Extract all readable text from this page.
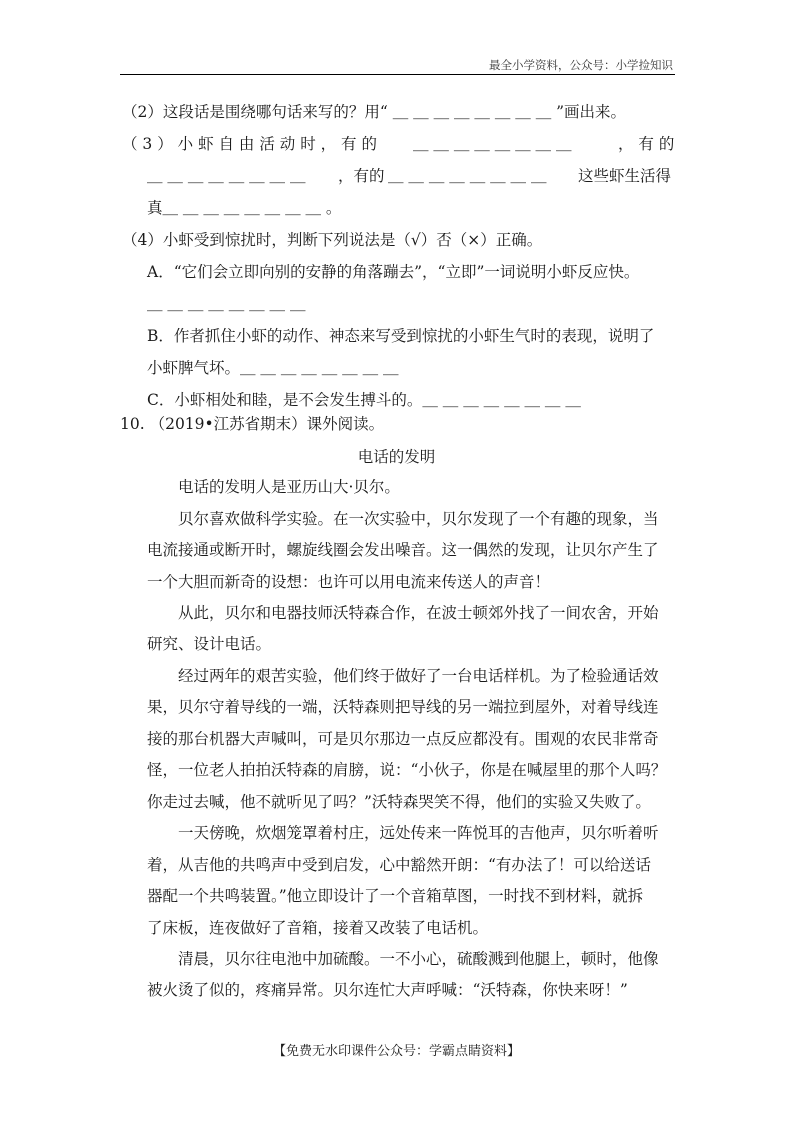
最全小学资料，公众号：小学捡知识
（2）这段话是围绕哪句话来写的？用“ ＿ ＿ ＿ ＿ ＿ ＿ ＿ ＿ ”画出来。
（ 3 ） 小 虾 自 由 活 动 时 ， 有 的 ＿ ＿ ＿ ＿ ＿ ＿ ＿ ＿	， 有 的
＿ ＿ ＿ ＿ ＿ ＿ ＿ ＿ ，有的 ＿ ＿ ＿ ＿ ＿ ＿ ＿ ＿ 这些虾生活得
真＿ ＿ ＿ ＿ ＿ ＿ ＿ ＿ 。
（4）小虾受到惊扰时，判断下列说法是（√）否（×）正确。
A．“它们会立即向别的安静的角落蹦去”，“立即”一词说明小虾反应快。
＿ ＿ ＿ ＿ ＿ ＿ ＿ ＿
B．作者抓住小虾的动作、神态来写受到惊扰的小虾生气时的表现，说明了
小虾脾气坏。＿ ＿ ＿ ＿ ＿ ＿ ＿ ＿
C．小虾相处和睦，是不会发生搏斗的。＿ ＿ ＿ ＿ ＿ ＿ ＿ ＿
10. （2019•江苏省期末）课外阅读。
电话的发明
电话的发明人是亚历山大·贝尔。
贝尔喜欢做科学实验。在一次实验中，贝尔发现了一个有趣的现象，当
电流接通或断开时，螺旋线圈会发出噪音。这一偶然的发现，让贝尔产生了
一个大胆而新奇的设想：也许可以用电流来传送人的声音！
从此，贝尔和电器技师沃特森合作，在波士顿郊外找了一间农舍，开始
研究、设计电话。
经过两年的艰苦实验，他们终于做好了一台电话样机。为了检验通话效
果，贝尔守着导线的一端，沃特森则把导线的另一端拉到屋外，对着导线连
接的那台机器大声喊叫，可是贝尔那边一点反应都没有。围观的农民非常奇
怪，一位老人拍拍沃特森的肩膀，说：“小伙子，你是在喊屋里的那个人吗？
你走过去喊，他不就听见了吗？”沃特森哭笑不得，他们的实验又失败了。
一天傍晚，炊烟笼罩着村庄，远处传来一阵悦耳的吉他声，贝尔听着听
着，从吉他的共鸣声中受到启发，心中豁然开朗：“有办法了！可以给送话
器配一个共鸣装置。”他立即设计了一个音箱草图，一时找不到材料，就拆
了床板，连夜做好了音箱，接着又改装了电话机。
清晨，贝尔往电池中加硫酸。一不小心，硫酸溅到他腿上，顿时，他像
被火烫了似的，疼痛异常。贝尔连忙大声呼喊：“沃特森，你快来呀！”
【免费无水印课件公众号：学霸点睛资料】
